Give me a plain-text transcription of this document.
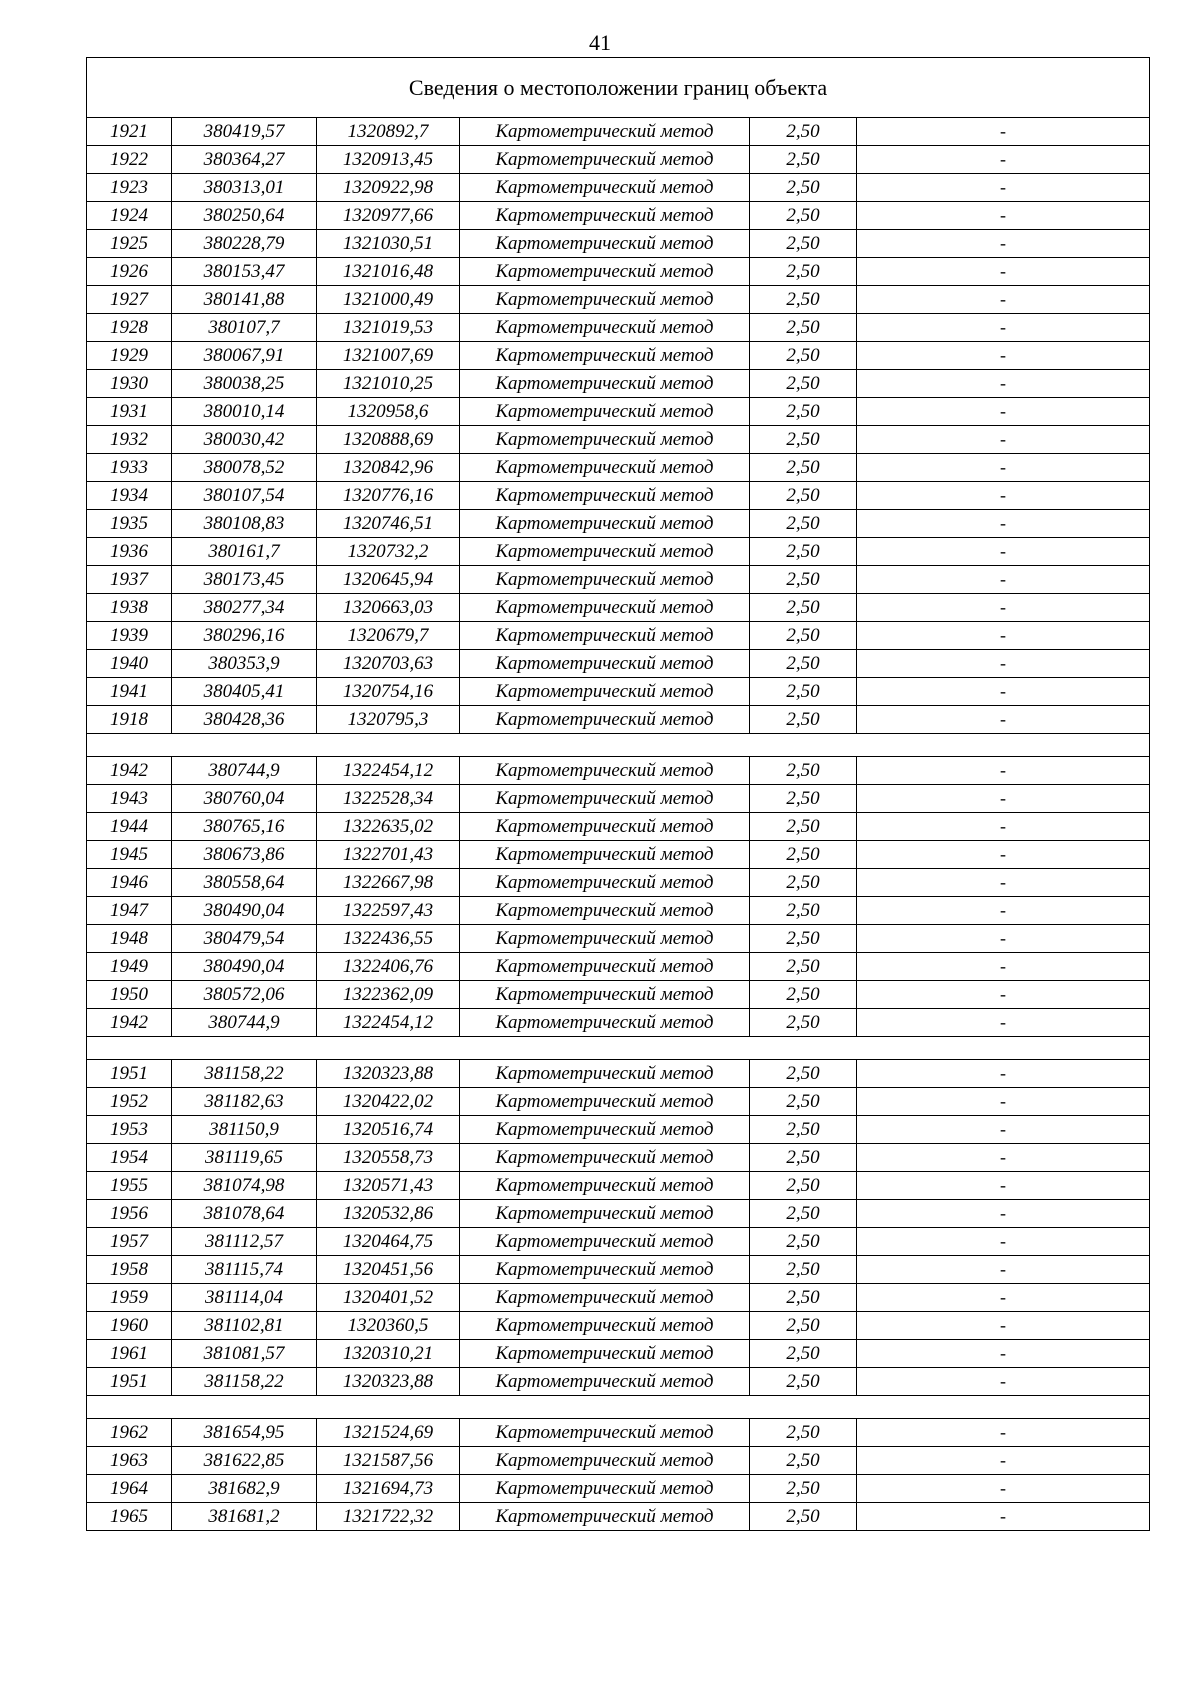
41
Сведения о местоположении границ объекта					
1921	380419,57	1320892,7	Картометрический метод	2,50	-
1922	380364,27	1320913,45	Картометрический метод	2,50	-
1923	380313,01	1320922,98	Картометрический метод	2,50	-
1924	380250,64	1320977,66	Картометрический метод	2,50	-
1925	380228,79	1321030,51	Картометрический метод	2,50	-
1926	380153,47	1321016,48	Картометрический метод	2,50	-
1927	380141,88	1321000,49	Картометрический метод	2,50	-
1928	380107,7	1321019,53	Картометрический метод	2,50	-
1929	380067,91	1321007,69	Картометрический метод	2,50	-
1930	380038,25	1321010,25	Картометрический метод	2,50	-
1931	380010,14	1320958,6	Картометрический метод	2,50	-
1932	380030,42	1320888,69	Картометрический метод	2,50	-
1933	380078,52	1320842,96	Картометрический метод	2,50	-
1934	380107,54	1320776,16	Картометрический метод	2,50	-
1935	380108,83	1320746,51	Картометрический метод	2,50	-
1936	380161,7	1320732,2	Картометрический метод	2,50	-
1937	380173,45	1320645,94	Картометрический метод	2,50	-
1938	380277,34	1320663,03	Картометрический метод	2,50	-
1939	380296,16	1320679,7	Картометрический метод	2,50	-
1940	380353,9	1320703,63	Картометрический метод	2,50	-
1941	380405,41	1320754,16	Картометрический метод	2,50	-
1918	380428,36	1320795,3	Картометрический метод	2,50	-

1942	380744,9	1322454,12	Картометрический метод	2,50	-
1943	380760,04	1322528,34	Картометрический метод	2,50	-
1944	380765,16	1322635,02	Картометрический метод	2,50	-
1945	380673,86	1322701,43	Картометрический метод	2,50	-
1946	380558,64	1322667,98	Картометрический метод	2,50	-
1947	380490,04	1322597,43	Картометрический метод	2,50	-
1948	380479,54	1322436,55	Картометрический метод	2,50	-
1949	380490,04	1322406,76	Картометрический метод	2,50	-
1950	380572,06	1322362,09	Картометрический метод	2,50	-
1942	380744,9	1322454,12	Картометрический метод	2,50	-

1951	381158,22	1320323,88	Картометрический метод	2,50	-
1952	381182,63	1320422,02	Картометрический метод	2,50	-
1953	381150,9	1320516,74	Картометрический метод	2,50	-
1954	381119,65	1320558,73	Картометрический метод	2,50	-
1955	381074,98	1320571,43	Картометрический метод	2,50	-
1956	381078,64	1320532,86	Картометрический метод	2,50	-
1957	381112,57	1320464,75	Картометрический метод	2,50	-
1958	381115,74	1320451,56	Картометрический метод	2,50	-
1959	381114,04	1320401,52	Картометрический метод	2,50	-
1960	381102,81	1320360,5	Картометрический метод	2,50	-
1961	381081,57	1320310,21	Картометрический метод	2,50	-
1951	381158,22	1320323,88	Картометрический метод	2,50	-

1962	381654,95	1321524,69	Картометрический метод	2,50	-
1963	381622,85	1321587,56	Картометрический метод	2,50	-
1964	381682,9	1321694,73	Картометрический метод	2,50	-
1965	381681,2	1321722,32	Картометрический метод	2,50	-
